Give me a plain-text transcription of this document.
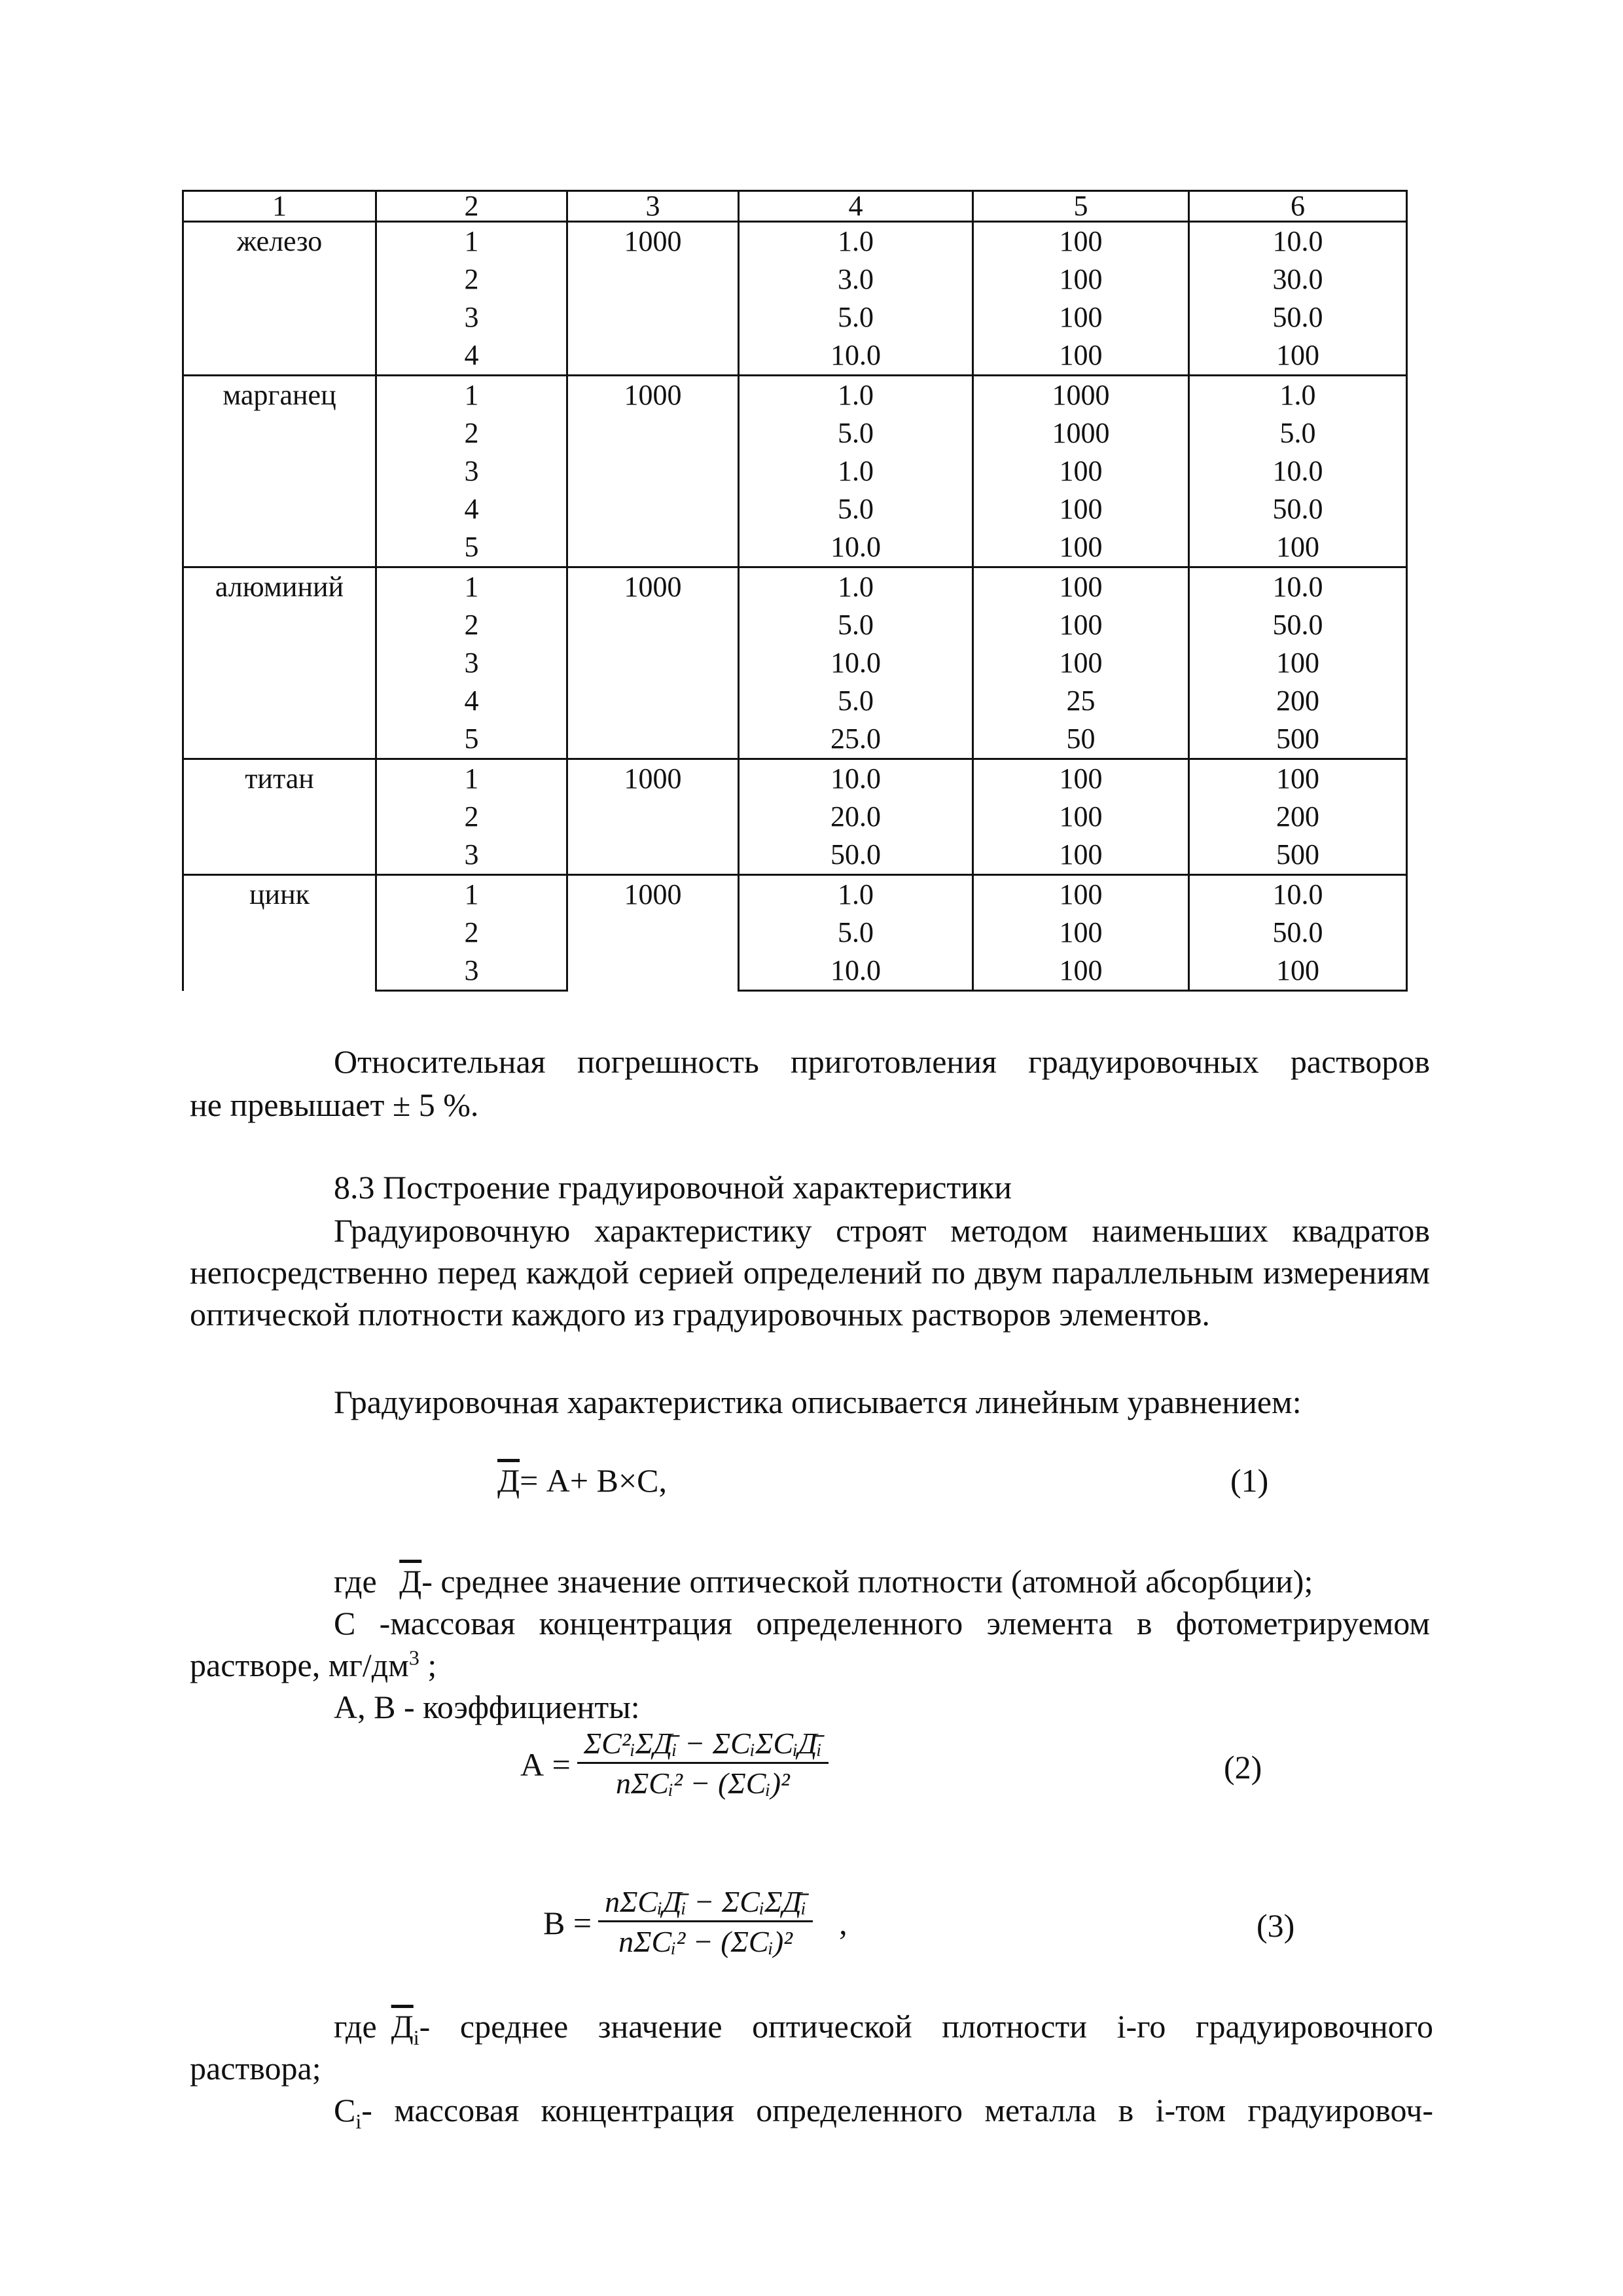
1	2	3	4	5	6
железо	1	1000	1.0	100	10.0
	2		3.0	100	30.0
	3		5.0	100	50.0
	4		10.0	100	100
марганец	1	1000	1.0	1000	1.0
	2		5.0	1000	5.0
	3		1.0	100	10.0
	4		5.0	100	50.0
	5		10.0	100	100
алюминий	1	1000	1.0	100	10.0
	2		5.0	100	50.0
	3		10.0	100	100
	4		5.0	25	200
	5		25.0	50	500
титан	1	1000	10.0	100	100
	2		20.0	100	200
	3		50.0	100	500
цинк	1	1000	1.0	100	10.0
	2		5.0	100	50.0
	3		10.0	100	100

Относительная погрешность приготовления градуировочных растворов

не превышает ± 5 %.

8.3 Построение градуировочной характеристики

Градуировочную характеристику строят методом наименьших квадратов непосредственно перед каждой серией определений по двум параллельным измерениям оптической плотности каждого из градуировочных растворов элементов.

Градуировочная характеристика описывается линейным уравнением:

Д= А+ В×С,	(1)
где Д- среднее значение оптической плотности (атомной абсорбции);

С -массовая концентрация определенного элемента в фотометрируемом

растворе, $мг/дм^3$ ;

А, В - коэффициенты:

$А = \frac{\text{ΣC²ᵢΣД̄ᵢ − ΣCᵢΣCᵢД̄ᵢ}}{\text{nΣCᵢ² − (ΣCᵢ)²}}$	(2)
$В = \frac{\text{nΣCᵢД̄ᵢ − ΣCᵢΣД̄ᵢ}}{\text{nΣCᵢ² − (ΣCᵢ)²}}$ ,	(3)
где $Д_i$ - среднее значение оптической плотности i-го градуировочного

раствора;

$С_i$ - массовая концентрация определенного металла в i-том градуировоч-
